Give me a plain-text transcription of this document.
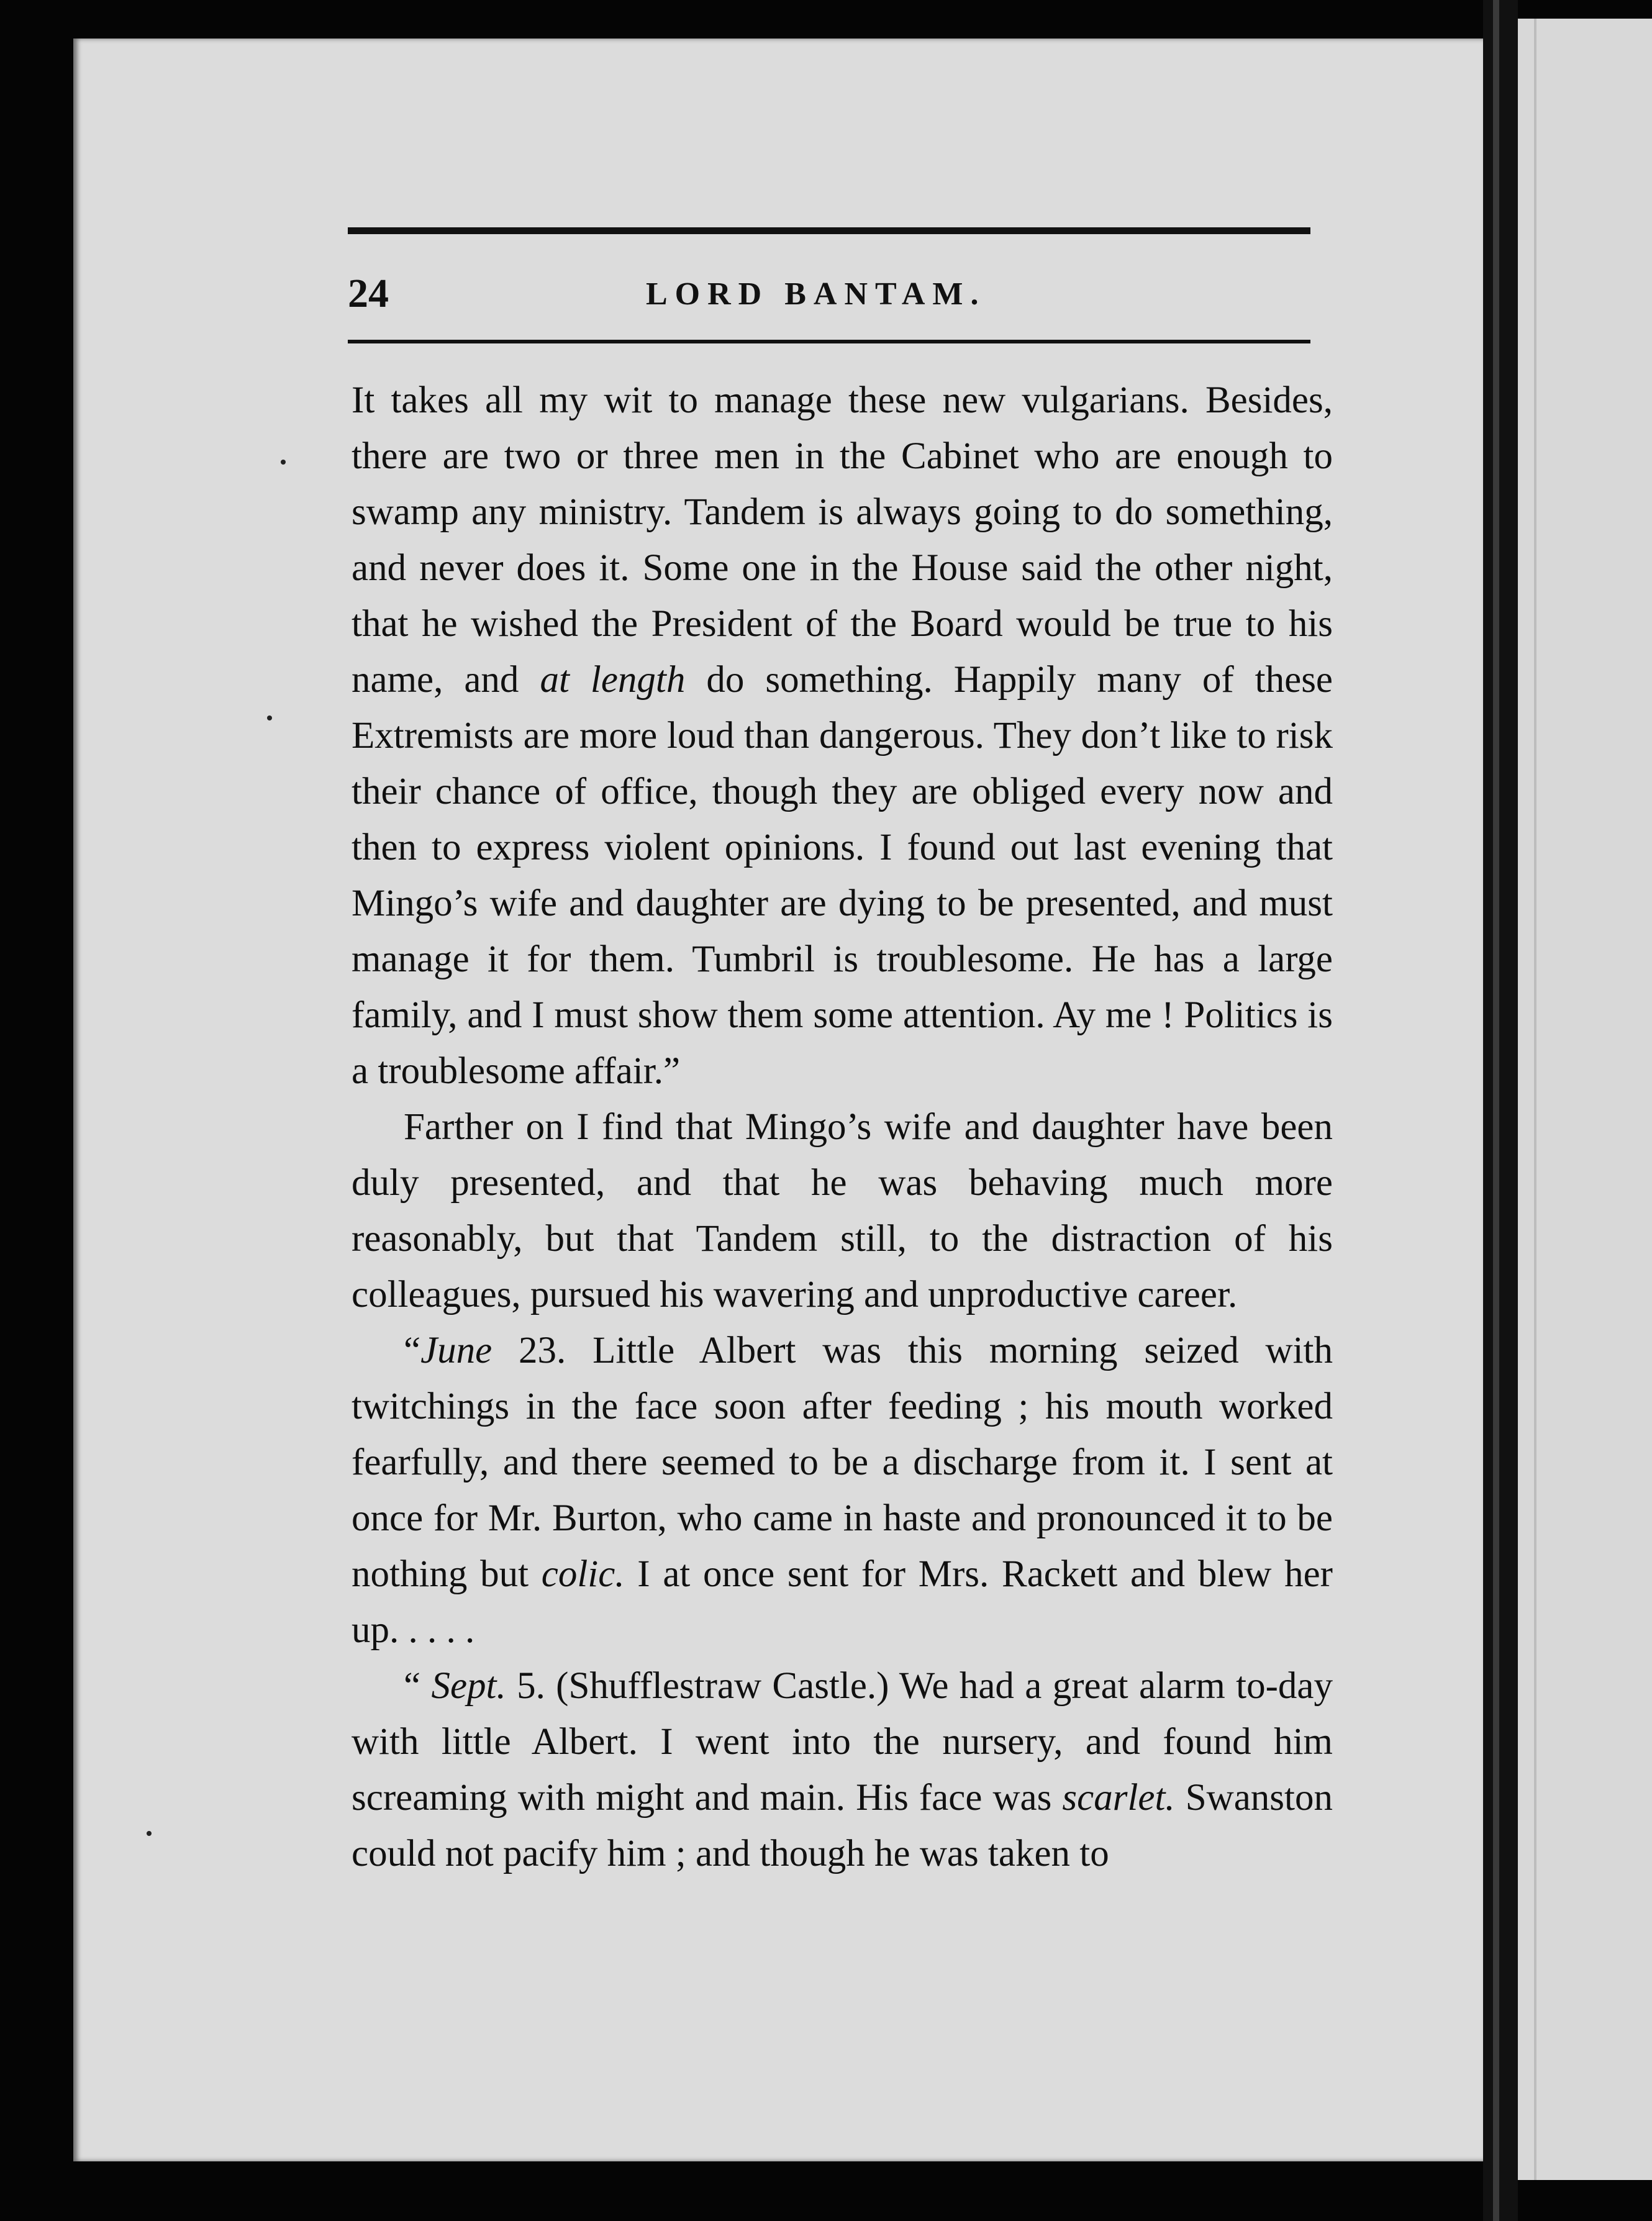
24	LORD BANTAM.

It takes all my wit to manage these new vulgarians. Besides, there are two or three men in the Cabinet who are enough to swamp any ministry. Tandem is always going to do something, and never does it. Some one in the House said the other night, that he wished the President of the Board would be true to his name, and at length do something. Happily many of these Extremists are more loud than dangerous. They don’t like to risk their chance of office, though they are obliged every now and then to express violent opinions. I found out last evening that Mingo’s wife and daughter are dying to be presented, and must manage it for them. Tumbril is troublesome. He has a large family, and I must show them some attention. Ay me ! Politics is a troublesome affair.”

Farther on I find that Mingo’s wife and daughter have been duly presented, and that he was behaving much more reasonably, but that Tandem still, to the distraction of his colleagues, pursued his wavering and unproductive career.

“June 23. Little Albert was this morning seized with twitchings in the face soon after feeding ; his mouth worked fearfully, and there seemed to be a discharge from it. I sent at once for Mr. Burton, who came in haste and pronounced it to be nothing but colic. I at once sent for Mrs. Rackett and blew her up. . . . .

“ Sept. 5. (Shufflestraw Castle.) We had a great alarm to-day with little Albert. I went into the nursery, and found him screaming with might and main. His face was scarlet. Swanston could not pacify him ; and though he was taken to
